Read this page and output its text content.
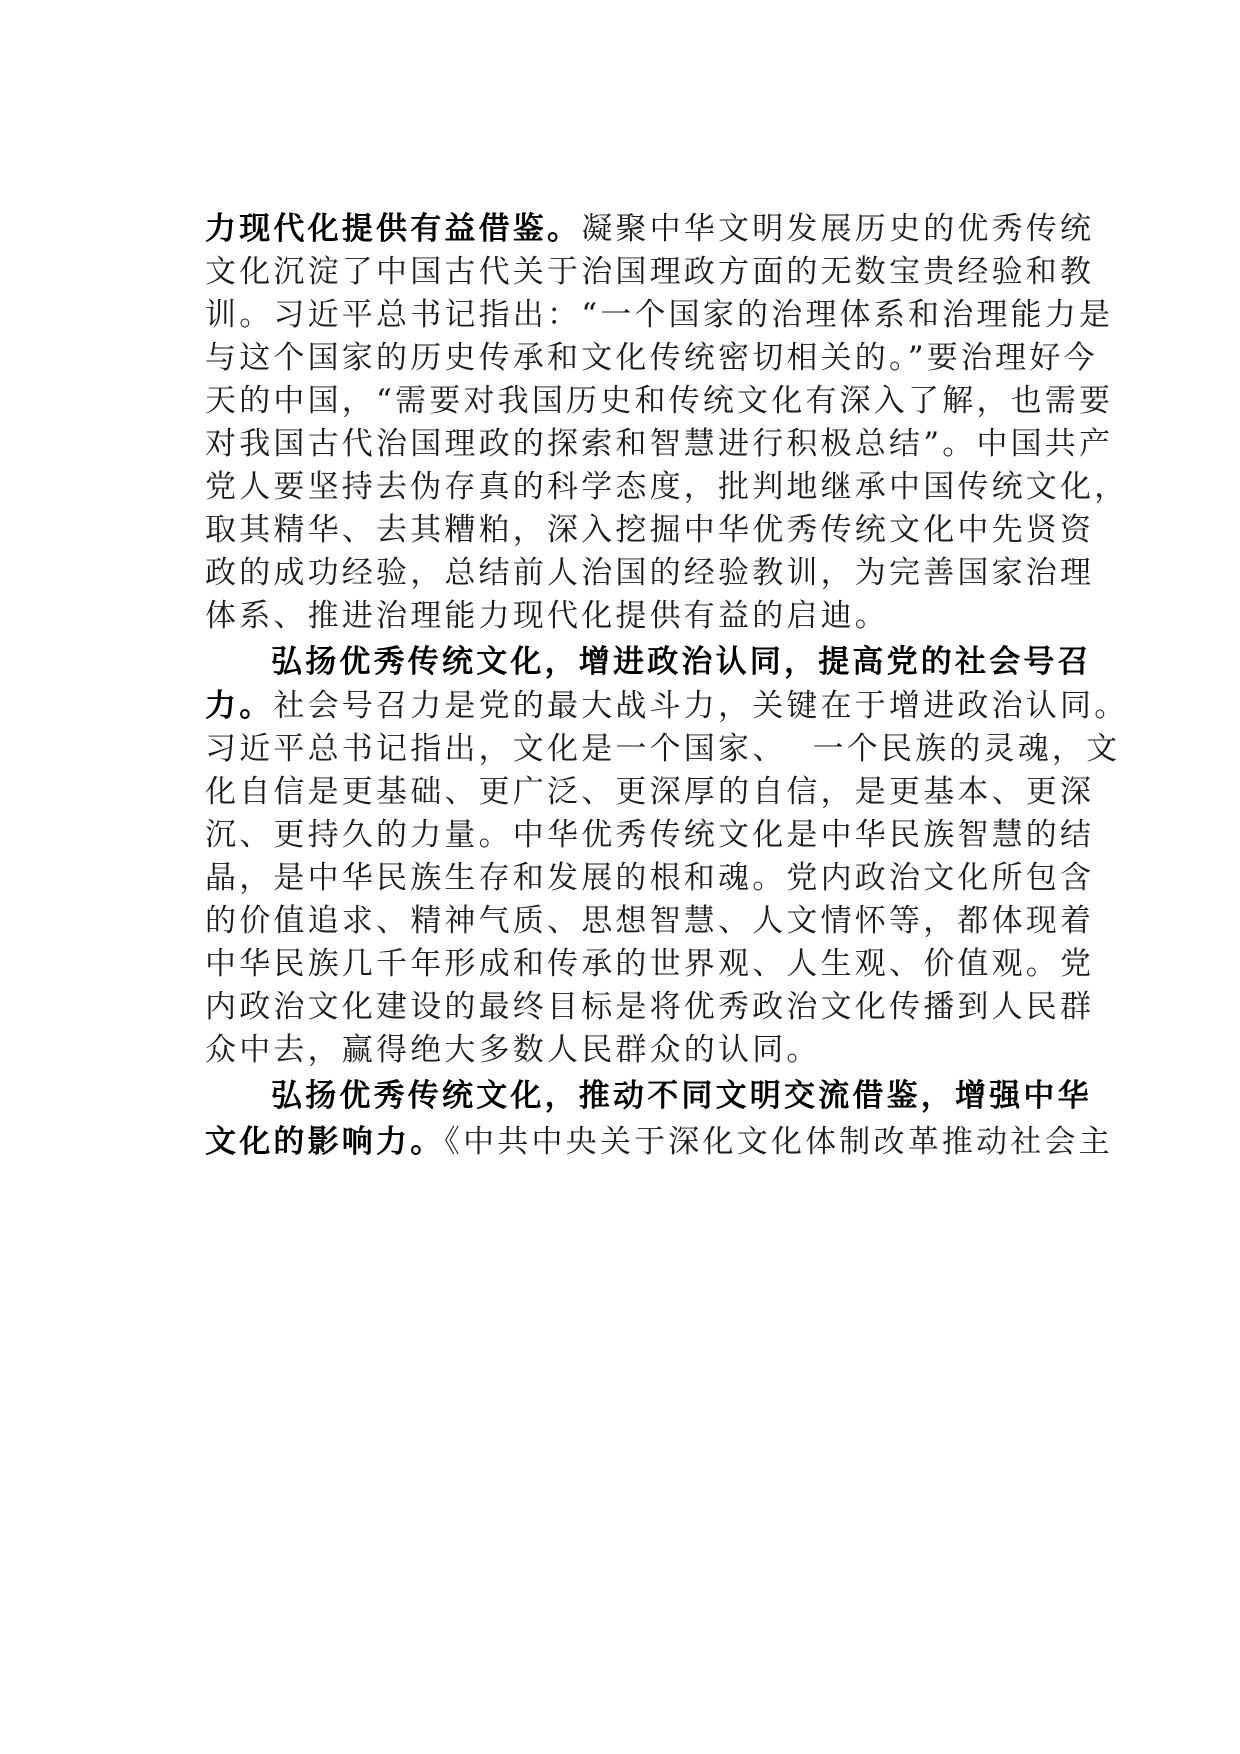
力现代化提供有益借鉴。凝聚中华文明发展历史的优秀传统
文化沉淀了中国古代关于治国理政方面的无数宝贵经验和教
训。习近平总书记指出：“一个国家的治理体系和治理能力是
与这个国家的历史传承和文化传统密切相关的。”要治理好今
天的中国，“需要对我国历史和传统文化有深入了解，也需要
对我国古代治国理政的探索和智慧进行积极总结”。中国共产
党人要坚持去伪存真的科学态度，批判地继承中国传统文化，
取其精华、去其糟粕，深入挖掘中华优秀传统文化中先贤资
政的成功经验，总结前人治国的经验教训，为完善国家治理
体系、推进治理能力现代化提供有益的启迪。
弘扬优秀传统文化，增进政治认同，提高党的社会号召
力。社会号召力是党的最大战斗力，关键在于增进政治认同。
习近平总书记指出，文化是一个国家、  一个民族的灵魂，文
化自信是更基础、更广泛、更深厚的自信，是更基本、更深
沉、更持久的力量。中华优秀传统文化是中华民族智慧的结
晶，是中华民族生存和发展的根和魂。党内政治文化所包含
的价值追求、精神气质、思想智慧、人文情怀等，都体现着
中华民族几千年形成和传承的世界观、人生观、价值观。党
内政治文化建设的最终目标是将优秀政治文化传播到人民群
众中去，赢得绝大多数人民群众的认同。
弘扬优秀传统文化，推动不同文明交流借鉴，增强中华
文化的影响力。《中共中央关于深化文化体制改革推动社会主
